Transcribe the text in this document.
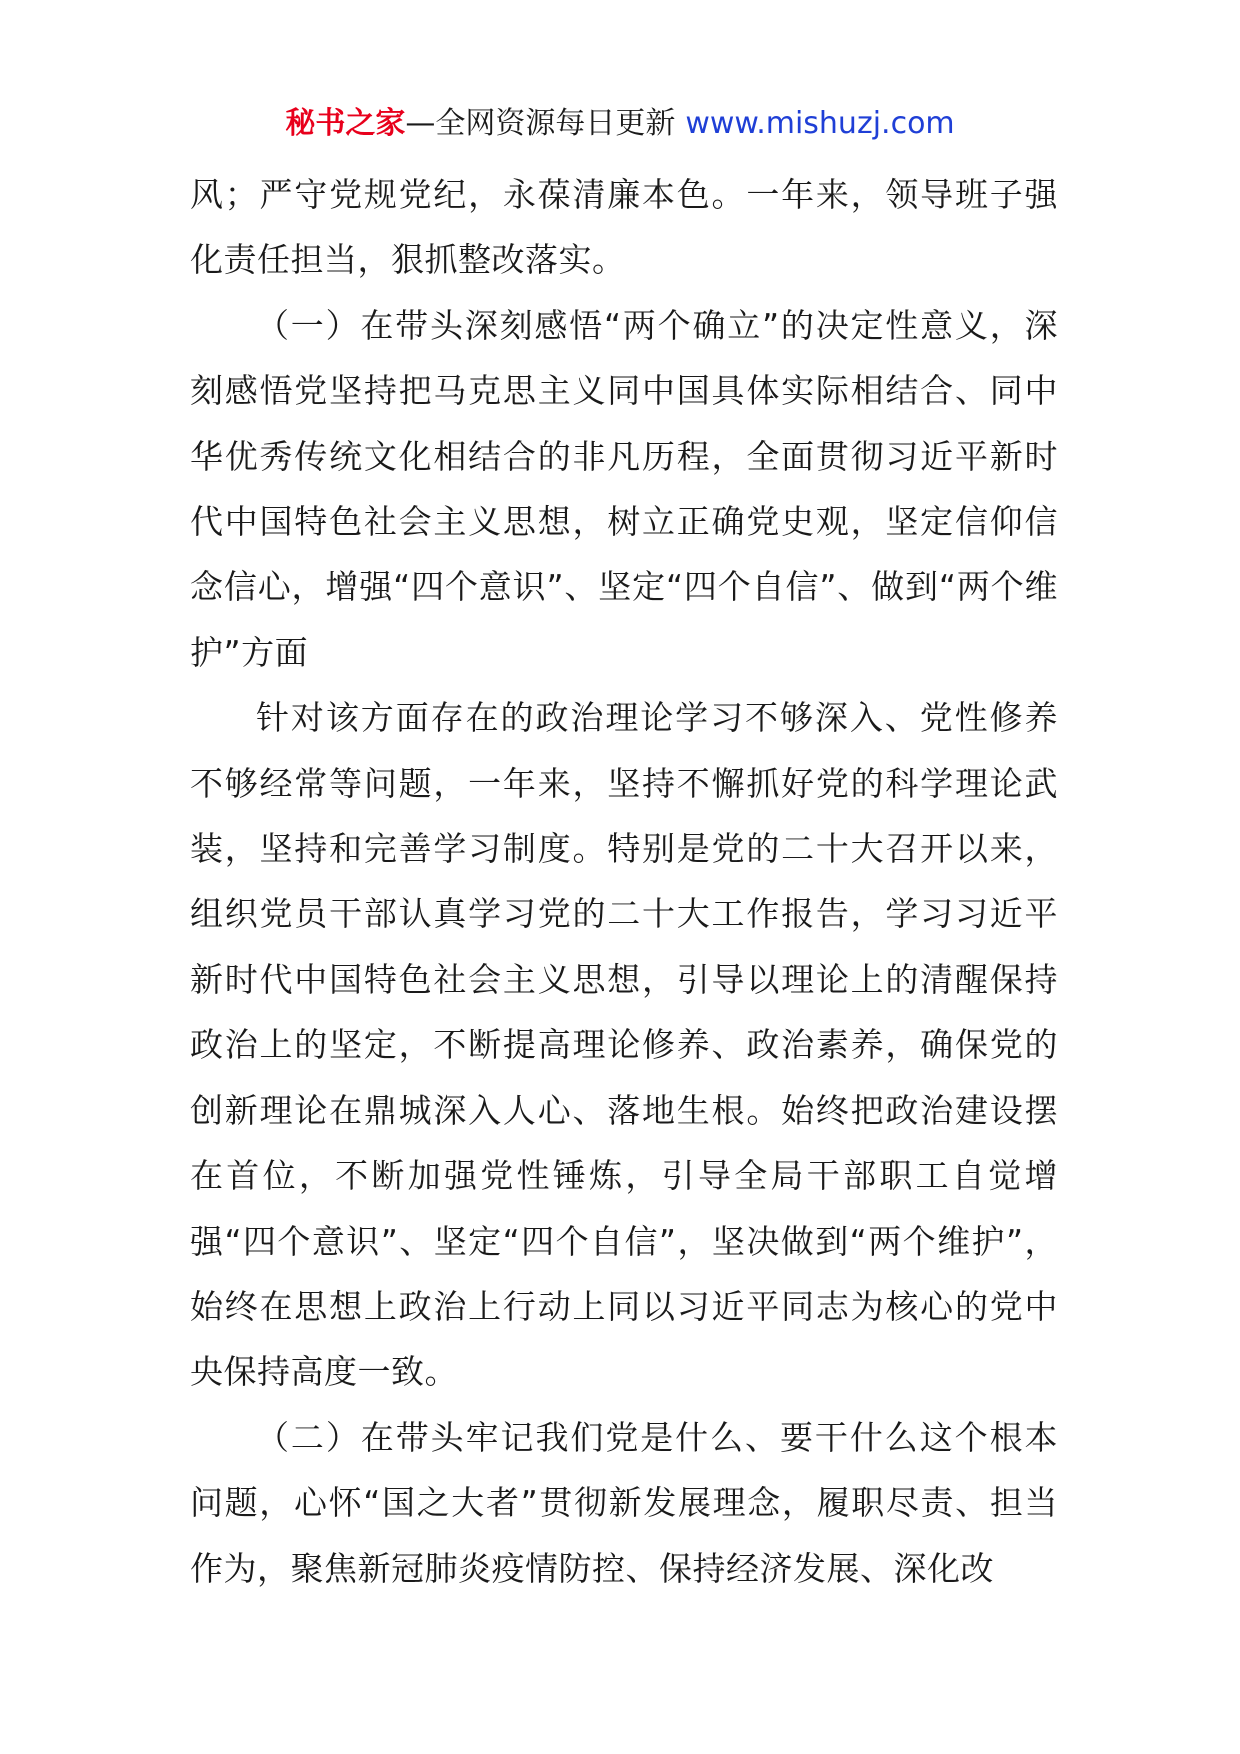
秘书之家—全网资源每日更新 www.mishuzj.com

风；严守党规党纪，永葆清廉本色。一年来，领导班子强化责任担当，狠抓整改落实。

（一）在带头深刻感悟“两个确立”的决定性意义，深刻感悟党坚持把马克思主义同中国具体实际相结合、同中华优秀传统文化相结合的非凡历程，全面贯彻习近平新时代中国特色社会主义思想，树立正确党史观，坚定信仰信念信心，增强“四个意识”、坚定“四个自信”、做到“两个维护”方面

针对该方面存在的政治理论学习不够深入、党性修养不够经常等问题，一年来，坚持不懈抓好党的科学理论武装，坚持和完善学习制度。特别是党的二十大召开以来，组织党员干部认真学习党的二十大工作报告，学习习近平新时代中国特色社会主义思想，引导以理论上的清醒保持政治上的坚定，不断提高理论修养、政治素养，确保党的创新理论在鼎城深入人心、落地生根。始终把政治建设摆在首位，不断加强党性锤炼，引导全局干部职工自觉增强“四个意识”、坚定“四个自信”，坚决做到“两个维护”，始终在思想上政治上行动上同以习近平同志为核心的党中央保持高度一致。

（二）在带头牢记我们党是什么、要干什么这个根本问题，心怀“国之大者”贯彻新发展理念，履职尽责、担当作为，聚焦新冠肺炎疫情防控、保持经济发展、深化改
